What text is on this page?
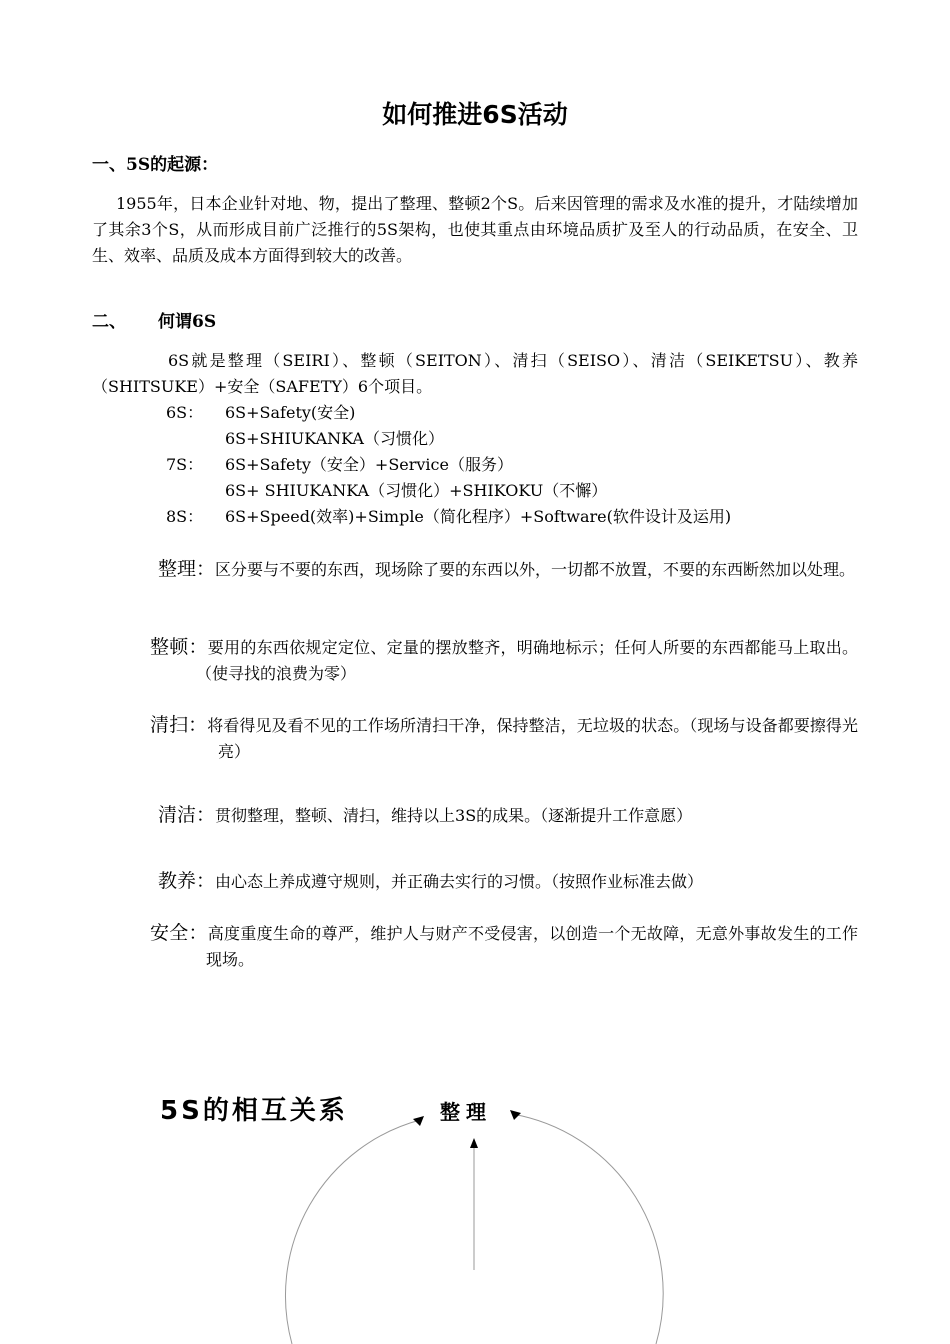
如何推进6S活动
一、5S的起源：
1955年，日本企业针对地、物，提出了整理、整顿2个S。后来因管理的需求及水准的提升，才陆续增加了其余3个S，从而形成目前广泛推行的5S架构，也使其重点由环境品质扩及至人的行动品质，在安全、卫生、效率、品质及成本方面得到较大的改善。
二、 何谓6S
6S就是整理（SEIRI）、整顿（SEITON）、清扫（SEISO）、清洁（SEIKETSU）、教养（SHITSUKE）+安全（SAFETY）6个项目。
6S： 6S+Safety(安全)
6S+SHIUKANKA（习惯化）
7S： 6S+Safety（安全）+Service（服务）
6S+ SHIUKANKA（习惯化）+SHIKOKU（不懈）
8S： 6S+Speed(效率)+Simple（简化程序）+Software(软件设计及运用)
整理：区分要与不要的东西，现场除了要的东西以外，一切都不放置，不要的东西断然加以处理。
整顿：要用的东西依规定定位、定量的摆放整齐，明确地标示；任何人所要的东西都能马上取出。（使寻找的浪费为零）
清扫：将看得见及看不见的工作场所清扫干净，保持整洁，无垃圾的状态。（现场与设备都要擦得光亮）
清洁：贯彻整理，整顿、清扫，维持以上3S的成果。（逐渐提升工作意愿）
教养：由心态上养成遵守规则，并正确去实行的习惯。（按照作业标准去做）
安全：高度重度生命的尊严，维护人与财产不受侵害，以创造一个无故障，无意外事故发生的工作现场。
5S的相互关系	整理
